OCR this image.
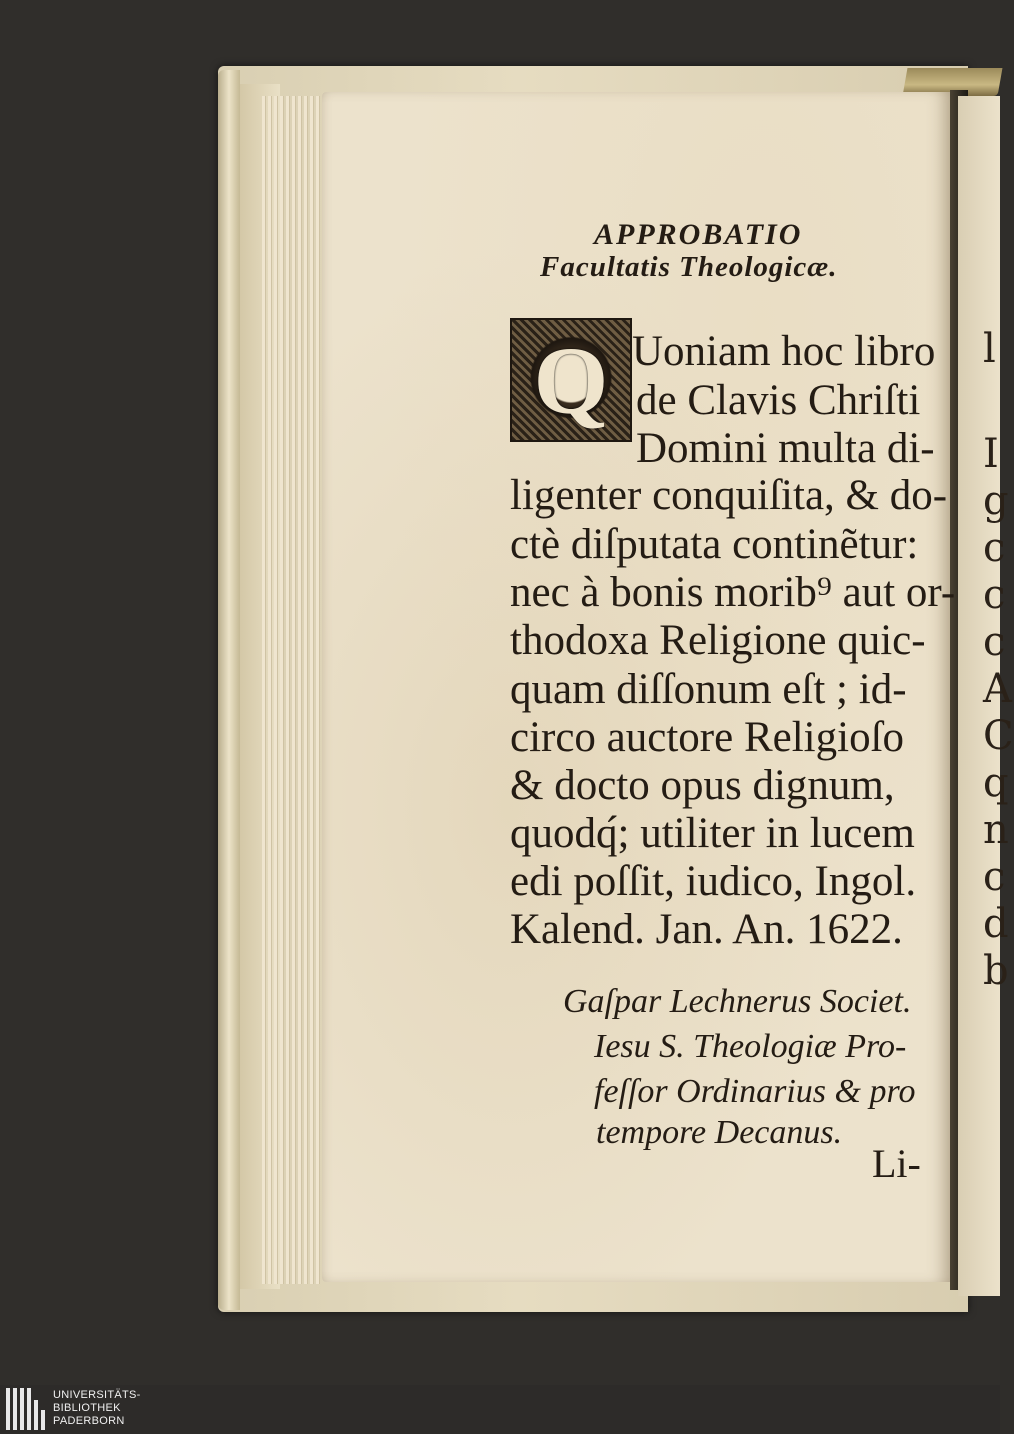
l
I
g
c
c
c
A
C
q
n
c
d
b
APPROBATIO
Facultatis Theologicæ.
Q Uoniam hoc libro
de Clavis Chriſti
Domini multa di-
ligenter conquiſita, & do-
ctè diſputata continẽtur:
nec à bonis morib⁹ aut or-
thodoxa Religione quic-
quam diſſonum eſt ; id-
circo auctore Religioſo
& docto opus dignum,
quodq́; utiliter in lucem
edi poſſit, iudico, Ingol.
Kalend. Jan. An. 1622.
Gaſpar Lechnerus Societ.
Iesu S. Theologiæ Pro-
feſſor Ordinarius & pro
tempore Decanus.
Li-
UNIVERSITÄTS-
BIBLIOTHEK
PADERBORN
